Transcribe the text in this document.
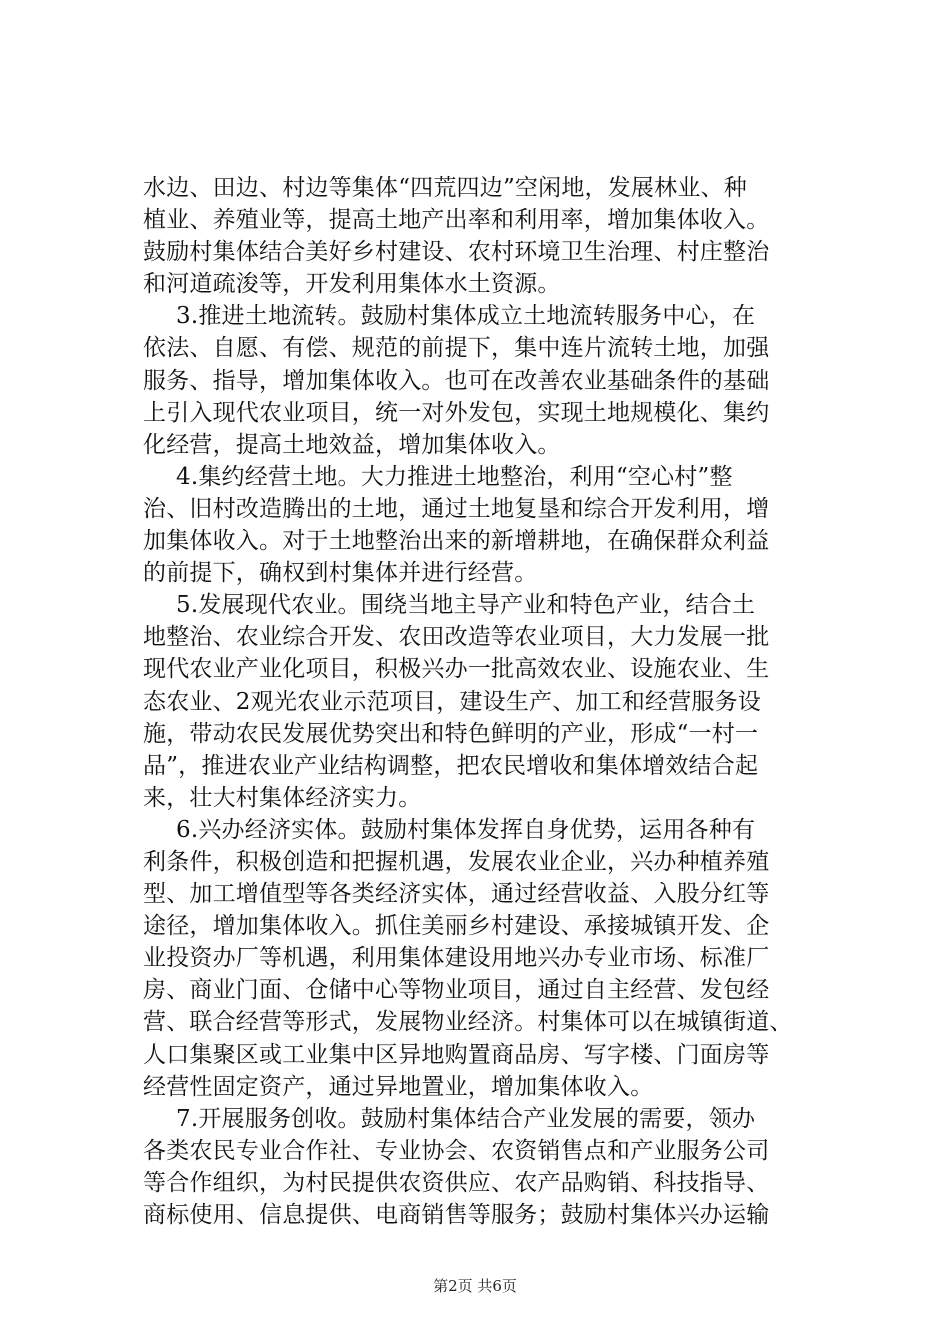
水边、田边、村边等集体“四荒四边”空闲地，发展林业、种
植业、养殖业等，提高土地产出率和利用率，增加集体收入。
鼓励村集体结合美好乡村建设、农村环境卫生治理、村庄整治
和河道疏浚等，开发利用集体水土资源。
3.推进土地流转。鼓励村集体成立土地流转服务中心，在
依法、自愿、有偿、规范的前提下，集中连片流转土地，加强
服务、指导，增加集体收入。也可在改善农业基础条件的基础
上引入现代农业项目，统一对外发包，实现土地规模化、集约
化经营，提高土地效益，增加集体收入。
4.集约经营土地。大力推进土地整治，利用“空心村”整
治、旧村改造腾出的土地，通过土地复垦和综合开发利用，增
加集体收入。对于土地整治出来的新增耕地，在确保群众利益
的前提下，确权到村集体并进行经营。
5.发展现代农业。围绕当地主导产业和特色产业，结合土
地整治、农业综合开发、农田改造等农业项目，大力发展一批
现代农业产业化项目，积极兴办一批高效农业、设施农业、生
态农业、2观光农业示范项目，建设生产、加工和经营服务设
施，带动农民发展优势突出和特色鲜明的产业，形成“一村一
品”，推进农业产业结构调整，把农民增收和集体增效结合起
来，壮大村集体经济实力。
6.兴办经济实体。鼓励村集体发挥自身优势，运用各种有
利条件，积极创造和把握机遇，发展农业企业，兴办种植养殖
型、加工增值型等各类经济实体，通过经营收益、入股分红等
途径，增加集体收入。抓住美丽乡村建设、承接城镇开发、企
业投资办厂等机遇，利用集体建设用地兴办专业市场、标准厂
房、商业门面、仓储中心等物业项目，通过自主经营、发包经
营、联合经营等形式，发展物业经济。村集体可以在城镇街道、
人口集聚区或工业集中区异地购置商品房、写字楼、门面房等
经营性固定资产，通过异地置业，增加集体收入。
7.开展服务创收。鼓励村集体结合产业发展的需要，领办
各类农民专业合作社、专业协会、农资销售点和产业服务公司
等合作组织，为村民提供农资供应、农产品购销、科技指导、
商标使用、信息提供、电商销售等服务；鼓励村集体兴办运输
第2页 共6页
